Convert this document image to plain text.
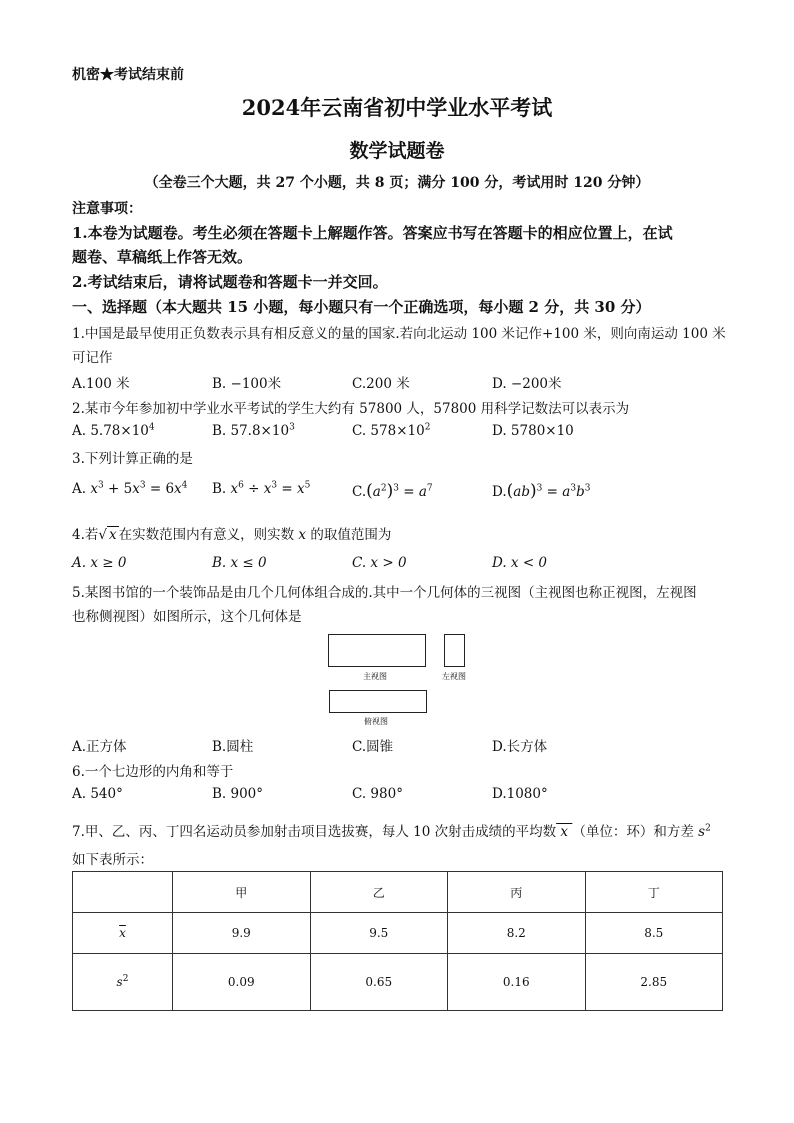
机密★考试结束前
2024年云南省初中学业水平考试
数学试题卷
（全卷三个大题，共 27 个小题，共 8 页；满分 100 分，考试用时 120 分钟）
注意事项：
1.本卷为试题卷。考生必须在答题卡上解题作答。答案应书写在答题卡的相应位置上，在试
题卷、草稿纸上作答无效。
2.考试结束后，请将试题卷和答题卡一并交回。
一、选择题（本大题共 15 小题，每小题只有一个正确选项，每小题 2 分，共 30 分）
1.中国是最早使用正负数表示具有相反意义的量的国家.若向北运动 100 米记作+100 米，则向南运动 100 米
可记作
A.100 米	B. −100米	C.200 米	D. −200米
2.某市今年参加初中学业水平考试的学生大约有 57800 人，57800 用科学记数法可以表示为
A. $5.78\times 10^4$	B. $57.8\times 10^3$	C. $578\times 10^2$	D. 5780×10
3.下列计算正确的是
A. $x^3 + 5x^3 = 6x^4$ B. $x^6 \div x^3 = x^5$	$C.(a^2)^3 = a^7$	$D.(ab)^3 = a^3b^3$
4.若√ x 在实数范围内有意义，则实数 x 的取值范围为
A. x ≥ 0	B. x ≤ 0	C. x > 0	D. x < 0
5.某图书馆的一个装饰品是由几个几何体组合成的.其中一个几何体的三视图（主视图也称正视图，左视图
也称侧视图）如图所示，这个几何体是
主视图	左视图
俯视图
A.正方体	B.圆柱	C.圆锥	D.长方体
6.一个七边形的内角和等于
A. 540°	B. 900°	C. 980°	D.1080°
7.甲、乙、丙、丁四名运动员参加射击项目选拔赛，每人 10 次射击成绩的平均数 x （单位：环）和方差 $s^2$
如下表所示：
	甲	乙	丙	丁
$\overline{x}$	9.9	9.5	8.2	8.5
$s^2$	0.09	0.65	0.16	2.85
